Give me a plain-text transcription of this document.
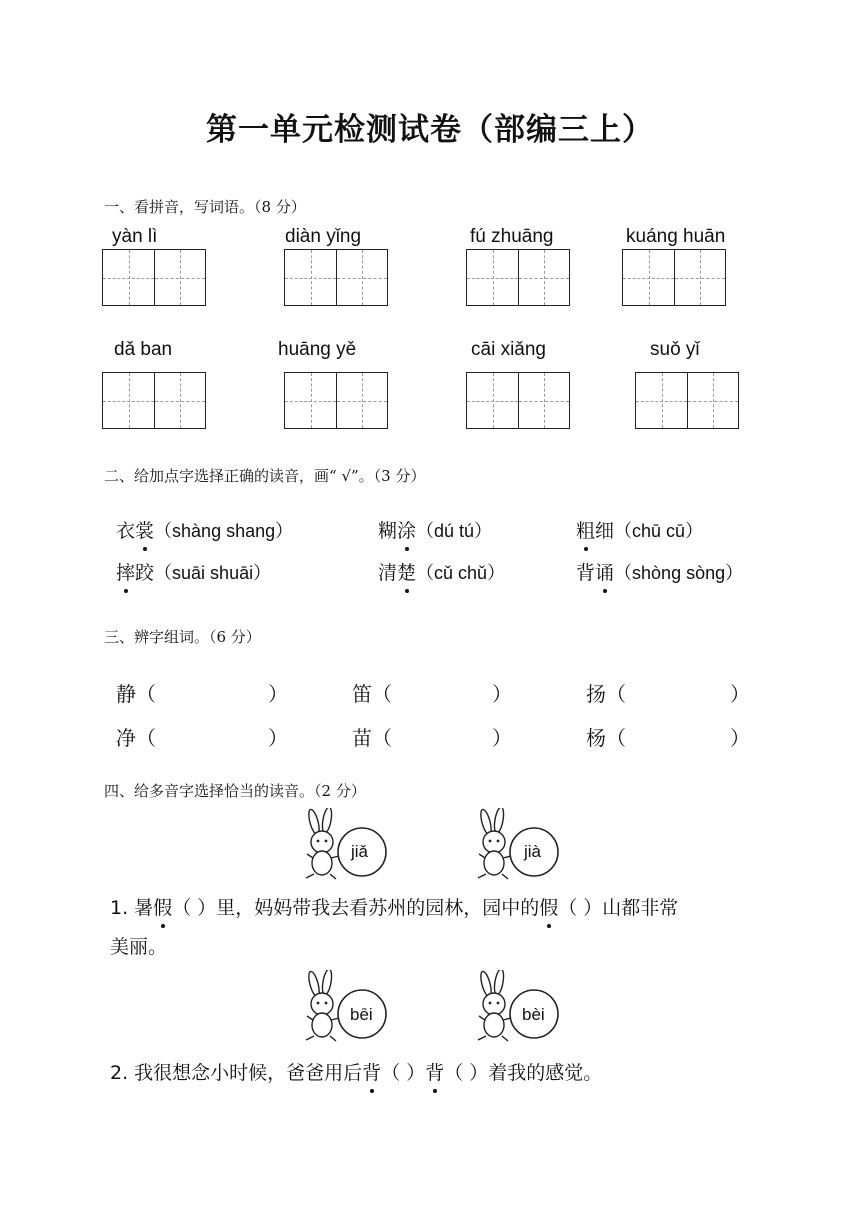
第一单元检测试卷（部编三上）
一、看拼音，写词语。（8 分）
yàn lì	diàn yǐng	fú zhuāng	kuáng huān
dǎ ban	huāng yě	cāi xiǎng	suǒ yǐ
二、给加点字选择正确的读音，画“ √”。（3 分）
衣裳（shàng shang）	糊涂（dú tú）	粗细（chū cū）
摔跤（suāi shuāi）	清楚（cǔ chǔ）	背诵（shòng sòng）
三、辨字组词。（6 分）
静（	）	笛（	）	扬（	）
净（	）	苗（	）	杨（	）
四、给多音字选择恰当的读音。（2 分）
jiǎ	jià
1. 暑假（ ）里，妈妈带我去看苏州的园林，园中的假（ ）山都非常
美丽。
bēi	bèi
2. 我很想念小时候，爸爸用后背（ ）背（ ）着我的感觉。
